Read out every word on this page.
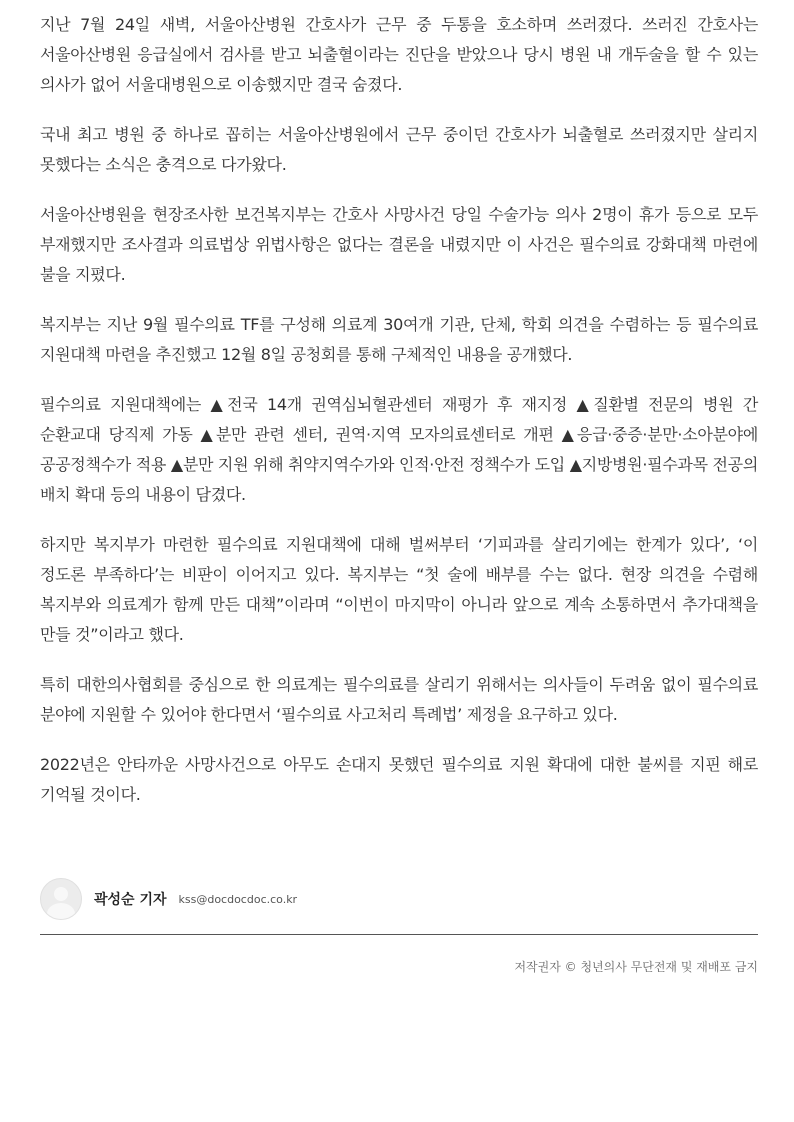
지난 7월 24일 새벽, 서울아산병원 간호사가 근무 중 두통을 호소하며 쓰러졌다. 쓰러진 간호사는 서울아산병원 응급실에서 검사를 받고 뇌출혈이라는 진단을 받았으나 당시 병원 내 개두술을 할 수 있는 의사가 없어 서울대병원으로 이송했지만 결국 숨졌다.

국내 최고 병원 중 하나로 꼽히는 서울아산병원에서 근무 중이던 간호사가 뇌출혈로 쓰러졌지만 살리지 못했다는 소식은 충격으로 다가왔다.

서울아산병원을 현장조사한 보건복지부는 간호사 사망사건 당일 수술가능 의사 2명이 휴가 등으로 모두 부재했지만 조사결과 의료법상 위법사항은 없다는 결론을 내렸지만 이 사건은 필수의료 강화대책 마련에 불을 지폈다.

복지부는 지난 9월 필수의료 TF를 구성해 의료계 30여개 기관, 단체, 학회 의견을 수렴하는 등 필수의료 지원대책 마련을 추진했고 12월 8일 공청회를 통해 구체적인 내용을 공개했다.

필수의료 지원대책에는 ▲전국 14개 권역심뇌혈관센터 재평가 후 재지정 ▲질환별 전문의 병원 간 순환교대 당직제 가동 ▲분만 관련 센터, 권역·지역 모자의료센터로 개편 ▲응급·중증·분만·소아분야에 공공정책수가 적용 ▲분만 지원 위해 취약지역수가와 인적·안전 정책수가 도입 ▲지방병원·필수과목 전공의 배치 확대 등의 내용이 담겼다.

하지만 복지부가 마련한 필수의료 지원대책에 대해 벌써부터 ‘기피과를 살리기에는 한계가 있다’, ‘이 정도론 부족하다’는 비판이 이어지고 있다. 복지부는 “첫 술에 배부를 수는 없다. 현장 의견을 수렴해 복지부와 의료계가 함께 만든 대책”이라며 “이번이 마지막이 아니라 앞으로 계속 소통하면서 추가대책을 만들 것”이라고 했다.

특히 대한의사협회를 중심으로 한 의료계는 필수의료를 살리기 위해서는 의사들이 두려움 없이 필수의료 분야에 지원할 수 있어야 한다면서 ‘필수의료 사고처리 특례법’ 제정을 요구하고 있다.

2022년은 안타까운 사망사건으로 아무도 손대지 못했던 필수의료 지원 확대에 대한 불씨를 지핀 해로 기억될 것이다.

곽성순 기자 kss@docdocdoc.co.kr
저작권자 © 청년의사 무단전재 및 재배포 금지
